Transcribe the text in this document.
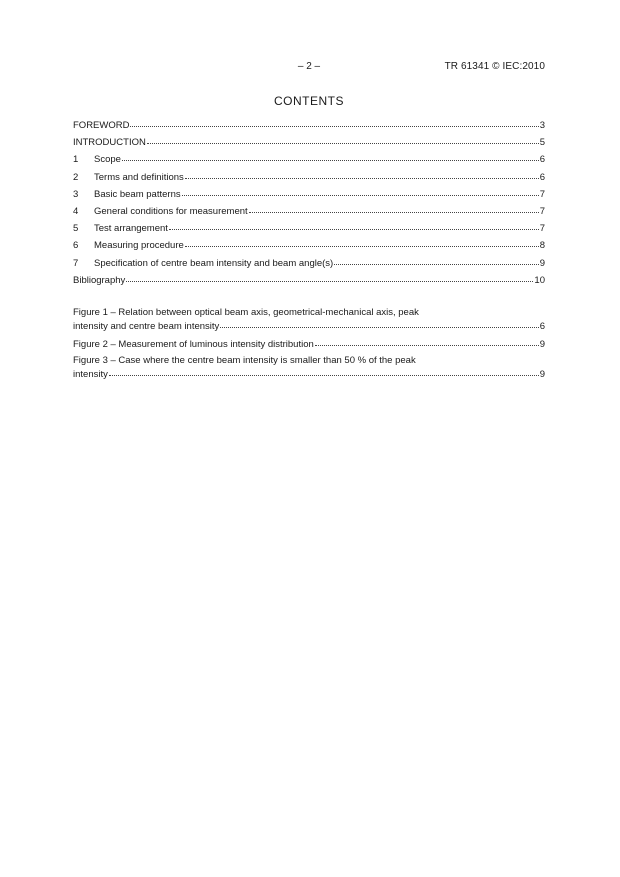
– 2 –	TR 61341 © IEC:2010
CONTENTS
FOREWORD	3
INTRODUCTION	5
1	Scope	6
2	Terms and definitions	6
3	Basic beam patterns	7
4	General conditions for measurement	7
5	Test arrangement	7
6	Measuring procedure	8
7	Specification of centre beam intensity and beam angle(s)	9
Bibliography	10
Figure 1 – Relation between optical beam axis, geometrical-mechanical axis, peak
intensity and centre beam intensity	6
Figure 2 – Measurement of luminous intensity distribution	9
Figure 3 – Case where the centre beam intensity is smaller than 50 % of the peak
intensity	9
